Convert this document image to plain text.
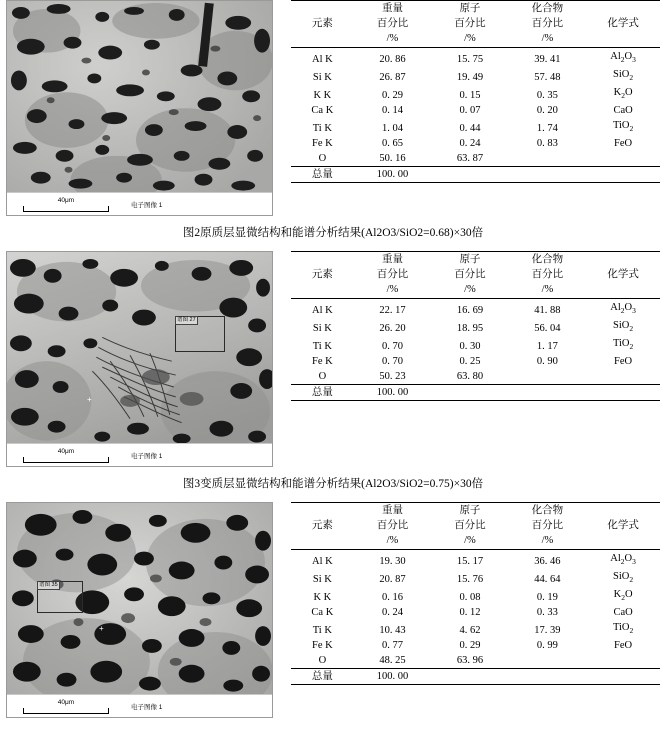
40μm
电子图像 1
	重量	原子	化合物	
元素	百分比	百分比	百分比	化学式
	/%	/%	/%	
Al K	20. 86	15. 75	39. 41	$Al_2O_3$
Si K	26. 87	19. 49	57. 48	SiO$_2$
K K	0. 29	0. 15	0. 35	$K_2O$
Ca K	0. 14	0. 07	0. 20	CaO
Ti K	1. 04	0. 44	1. 74	TiO$_2$
Fe K	0. 65	0. 24	0. 83	FeO
O	50. 16	63. 87		
总量	100. 00			
图2原质层显微结构和能谱分析结果(Al2O3/SiO2=0.68)×30倍
谱图 27
+
40μm
电子图像 1
	重量	原子	化合物	
元素	百分比	百分比	百分比	化学式
	/%	/%	/%	
Al K	22. 17	16. 69	41. 88	$Al_2O_3$
Si K	26. 20	18. 95	56. 04	SiO$_2$
Ti K	0. 70	0. 30	1. 17	TiO$_2$
Fe K	0. 70	0. 25	0. 90	FeO
O	50. 23	63. 80		
总量	100. 00			
图3变质层显微结构和能谱分析结果(Al2O3/SiO2=0.75)×30倍
谱图 35
+
40μm
电子图像 1
	重量	原子	化合物	
元素	百分比	百分比	百分比	化学式
	/%	/%	/%	
Al K	19. 30	15. 17	36. 46	$Al_2O_3$
Si K	20. 87	15. 76	44. 64	SiO$_2$
K K	0. 16	0. 08	0. 19	$K_2O$
Ca K	0. 24	0. 12	0. 33	CaO
Ti K	10. 43	4. 62	17. 39	TiO$_2$
Fe K	0. 77	0. 29	0. 99	FeO
O	48. 25	63. 96		
总量	100. 00			
